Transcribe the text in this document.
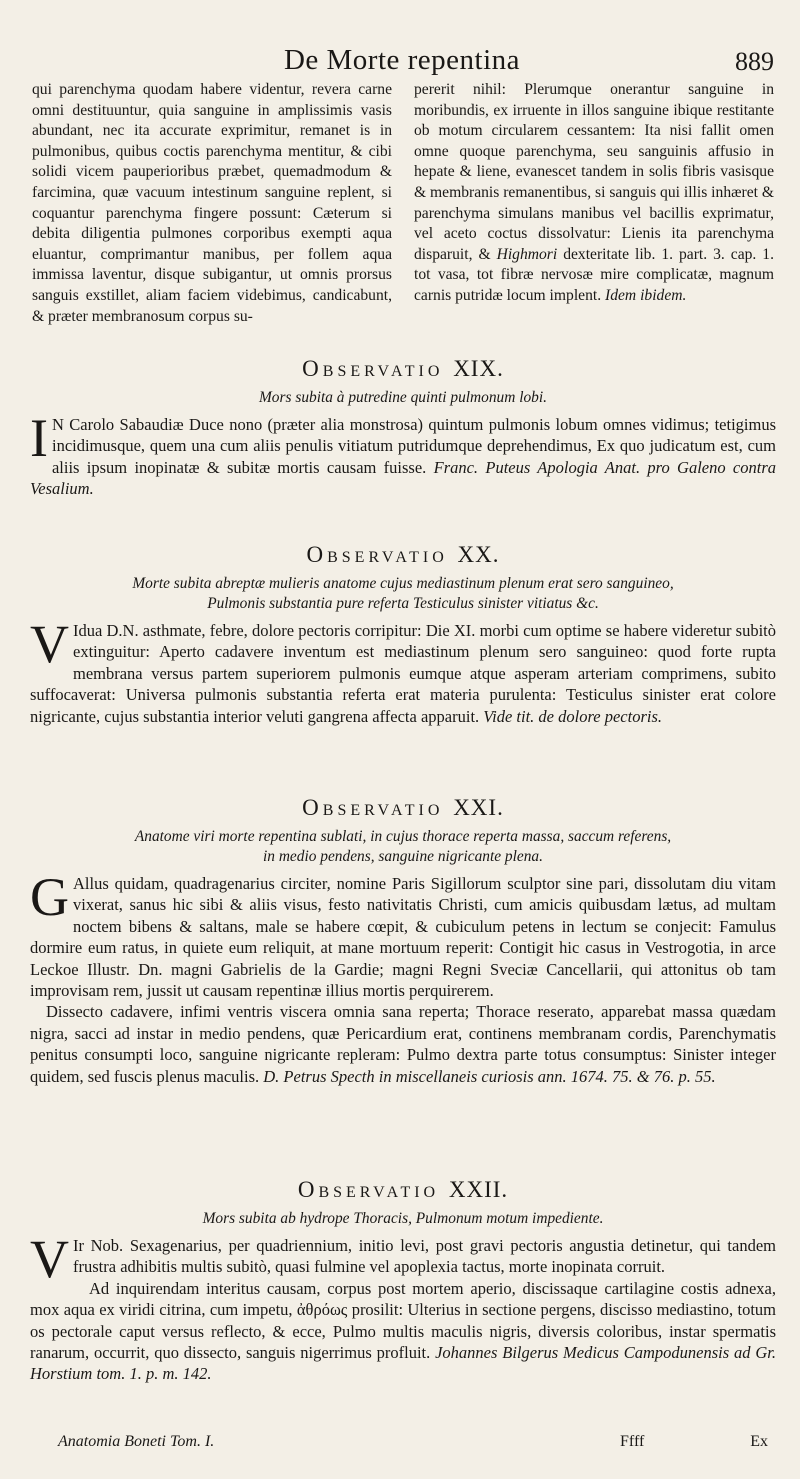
De Morte repentina	889

qui parenchyma quodam habere videntur, revera carne omni destituuntur, quia sanguine in amplissimis vasis abundant, nec ita accurate exprimitur, remanet is in pulmonibus, quibus coctis parenchyma mentitur, & cibi solidi vicem pauperioribus præbet, quemadmodum & farcimina, quæ vacuum intestinum sanguine replent, si coquantur parenchyma fingere possunt: Cæterum si debita diligentia pulmones corporibus exempti aqua eluantur, comprimantur manibus, per follem aqua immissa laventur, disque subigantur, ut omnis prorsus sanguis exstillet, aliam faciem videbimus, candicabunt, & præter membranosum corpus su-

pererit nihil: Plerumque onerantur sanguine in moribundis, ex irruente in illos sanguine ibique restitante ob motum circularem cessantem: Ita nisi fallit omen omne quoque parenchyma, seu sanguinis affusio in hepate & liene, evanescet tandem in solis fibris vasisque & membranis remanentibus, si sanguis qui illis inhæret & parenchyma simulans manibus vel bacillis exprimatur, vel aceto coctus dissolvatur: Lienis ita parenchyma disparuit, & Highmori dexteritate lib. 1. part. 3. cap. 1. tot vasa, tot fibræ nervosæ mire complicatæ, magnum carnis putridæ locum implent. Idem ibidem.

Observatio XIX.
Mors subita à putredine quinti pulmonum lobi.

I N Carolo Sabaudiæ Duce nono (præter alia monstrosa) quintum pulmonis lobum omnes vidimus; tetigimus incidimusque, quem una cum aliis penulis vitiatum putridumque deprehendimus, Ex quo judicatum est, cum aliis ipsum inopinatæ & subitæ mortis causam fuisse. Franc. Puteus Apologia Anat. pro Galeno contra Vesalium.

Observatio XX.
Morte subita abreptæ mulieris anatome cujus mediastinum plenum erat sero sanguineo,
Pulmonis substantia pure referta Testiculus sinister vitiatus &c.

V Idua D.N. asthmate, febre, dolore pectoris corripitur: Die XI. morbi cum optime se habere videretur subitò extinguitur: Aperto cadavere inventum est mediastinum plenum sero sanguineo: quod forte rupta membrana versus partem superiorem pulmonis eumque atque asperam arteriam comprimens, subito suffocaverat: Universa pulmonis substantia referta erat materia purulenta: Testiculus sinister erat colore nigricante, cujus substantia interior veluti gangrena affecta apparuit. Vide tit. de dolore pectoris.

Observatio XXI.
Anatome viri morte repentina sublati, in cujus thorace reperta massa, saccum referens,
in medio pendens, sanguine nigricante plena.

G Allus quidam, quadragenarius circiter, nomine Paris Sigillorum sculptor sine pari, dissolutam diu vitam vixerat, sanus hic sibi & aliis visus, festo nativitatis Christi, cum amicis quibusdam lætus, ad multam noctem bibens & saltans, male se habere cœpit, & cubiculum petens in lectum se conjecit: Famulus dormire eum ratus, in quiete eum reliquit, at mane mortuum reperit: Contigit hic casus in Vestrogotia, in arce Leckoe Illustr. Dn. magni Gabrielis de la Gardie; magni Regni Sveciæ Cancellarii, qui attonitus ob tam improvisam rem, jussit ut causam repentinæ illius mortis perquirerem.

Dissecto cadavere, infimi ventris viscera omnia sana reperta; Thorace reserato, apparebat massa quædam nigra, sacci ad instar in medio pendens, quæ Pericardium erat, continens membranam cordis, Parenchymatis penitus consumpti loco, sanguine nigricante repleram: Pulmo dextra parte totus consumptus: Sinister integer quidem, sed fuscis plenus maculis. D. Petrus Specth in miscellaneis curiosis ann. 1674. 75. & 76. p. 55.

Observatio XXII.
Mors subita ab hydrope Thoracis, Pulmonum motum impediente.

V Ir Nob. Sexagenarius, per quadriennium, initio levi, post gravi pectoris angustia detinetur, qui tandem frustra adhibitis multis subitò, quasi fulmine vel apoplexia tactus, morte inopinata corruit.

Ad inquirendam interitus causam, corpus post mortem aperio, discissaque cartilagine costis adnexa, mox aqua ex viridi citrina, cum impetu, ἀθρόως prosilit: Ulterius in sectione pergens, discisso mediastino, totum os pectorale caput versus reflecto, & ecce, Pulmo multis maculis nigris, diversis coloribus, instar spermatis ranarum, occurrit, quo dissecto, sanguis nigerrimus profluit. Johannes Bilgerus Medicus Campodunensis ad Gr. Horstium tom. 1. p. m. 142.

Anatomia Boneti Tom. I.	Ffff	Ex
